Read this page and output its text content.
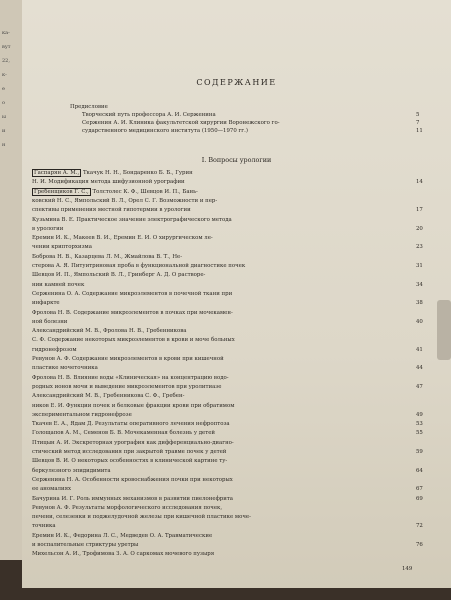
ка-
вут
22,
к-
е
о
ы
и
н
СОДЕРЖАНИЕ
Предисловие
Творческий путь профессора А. И. Серженина	5
Серженин А. И. Клиника факультетской хирургии Воронежского го-	7
сударственного медицинского института (1950—1970 гг.)	11
I. Вопросы урологии
Гаспарян А. М., Ткачук Н. Н., Бондаренко Б. Б., Гурин
Н. И. Модификация метода шифузионной урографии	14
Гребенщиков Г. С., Толстолес К. Ф., Шевцов И. П., Бань-
ковский Н. С., Ямпольский В. Л., Орел С. Г. Возможности и пер-
спективы применения местной гипотермии в урологии	17
Кузьмина В. Е. Практическое значение электрографического метода
в урологии	20
Еремин И. К., Макеев В. И., Еремин Е. И. О хирургическом ле-
чении крипторхизма	23
Боброва Н. В., Казарцева Л. М., Жмайлова В. Т., Не-
стерова А. Я. Питуитриновая проба в функциональной диагностике почек	31
Шевцов И. П., Ямпольский В. Л., Гринберг А. Д. О растворе-
нии камней почек	34
Серженина О. А. Содержание микроэлементов в почечной ткани при
инфаркте	38
Фролова Н. В. Содержание микроэлементов в почках при мочекамен-
ной болезни	40
Александрийский М. В., Фролова Н. В., Гребенникова
С. Ф. Содержание некоторых микроэлементов в крови и моче больных
гидронефрозом	41
Ревунов А. Ф. Содержание микроэлементов в крови при кишечной
пластике мочеточника	44
Фролова Н. В. Влияние воды «Клиническая» на концентрацию водо-
родных ионов мочи и выведение микроэлементов при уролитиазе	47
Александрийский М. В., Гребенникова С. Ф., Гребен-
ников Е. И. Функции почек и белковые фракции крови при обратимом
экспериментальном гидронефрозе	49
Ткачев Е. А., Ядам Д. Результаты оперативного лечения нефроптоза	53
Голощапов А. М., Семенов Б. В. Мочекаменная болезнь у детей	55
Птицын А. И. Экскреторная урография как дифференциально-диагно-
стический метод исследования при закрытой травме почек у детей	59
Шевцов В. И. О некоторых особенностях в клинической картине ту-
беркулезного эпидидимита	64
Серженина Н. А. Особенности кровоснабжения почки при некоторых
ее аномалиях	67
Бачурина И. Г. Роль иммунных механизмов в развитии пиелонефрита	69
Ревунов А. Ф. Результаты морфологического исследования почек,
печени, селезенки и поджелудочной железы при кишечной пластике моче-
точника	72
Еремин И. К., Федорина Л. С., Медведев О. А. Травматические
и воспалительные стриктуры уретры	76
Михельсон А. И., Трофимова З. А. О саркомах мочевого пузыря
149
